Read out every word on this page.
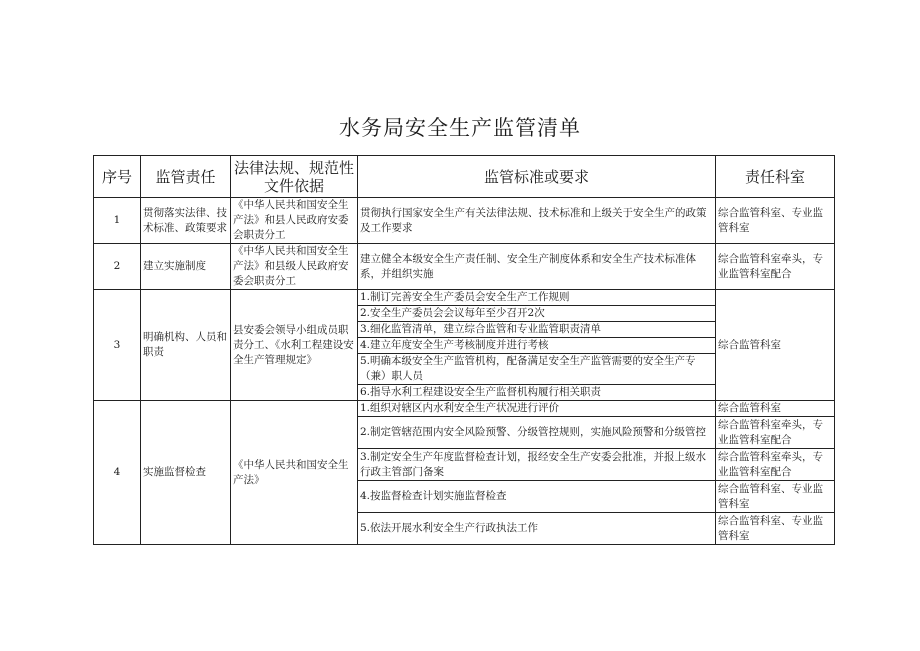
水务局安全生产监管清单
序号	监管责任	法律法规、规范性文件依据	监管标准或要求	责任科室
1	贯彻落实法律、技术标准、政策要求	《中华人民共和国安全生产法》和县人民政府安委会职责分工	贯彻执行国家安全生产有关法律法规、技术标准和上级关于安全生产的政策及工作要求	综合监管科室、专业监管科室
2	建立实施制度	《中华人民共和国安全生产法》和县级人民政府安委会职责分工	建立健全本级安全生产责任制、安全生产制度体系和安全生产技术标准体系，并组织实施	综合监管科室牵头，专业监管科室配合
3	明确机构、人员和职责	县安委会领导小组成员职责分工、《水利工程建设安全生产管理规定》	1.制订完善安全生产委员会安全生产工作规则	综合监管科室
			2.安全生产委员会会议每年至少召开2次	
			3.细化监管清单，建立综合监管和专业监管职责清单	
			4.建立年度安全生产考核制度并进行考核	
			5.明确本级安全生产监管机构，配备满足安全生产监管需要的安全生产专（兼）职人员	
			6.指导水利工程建设安全生产监督机构履行相关职责	
4	实施监督检查	《中华人民共和国安全生产法》	1.组织对辖区内水利安全生产状况进行评价	综合监管科室
			2.制定管辖范围内安全风险预警、分级管控规则，实施风险预警和分级管控	综合监管科室牵头，专业监管科室配合
			3.制定安全生产年度监督检查计划，报经安全生产安委会批准，并报上级水行政主管部门备案	综合监管科室牵头，专业监管科室配合
			4.按监督检查计划实施监督检查	综合监管科室、专业监管科室
			5.依法开展水利安全生产行政执法工作	综合监管科室、专业监管科室
